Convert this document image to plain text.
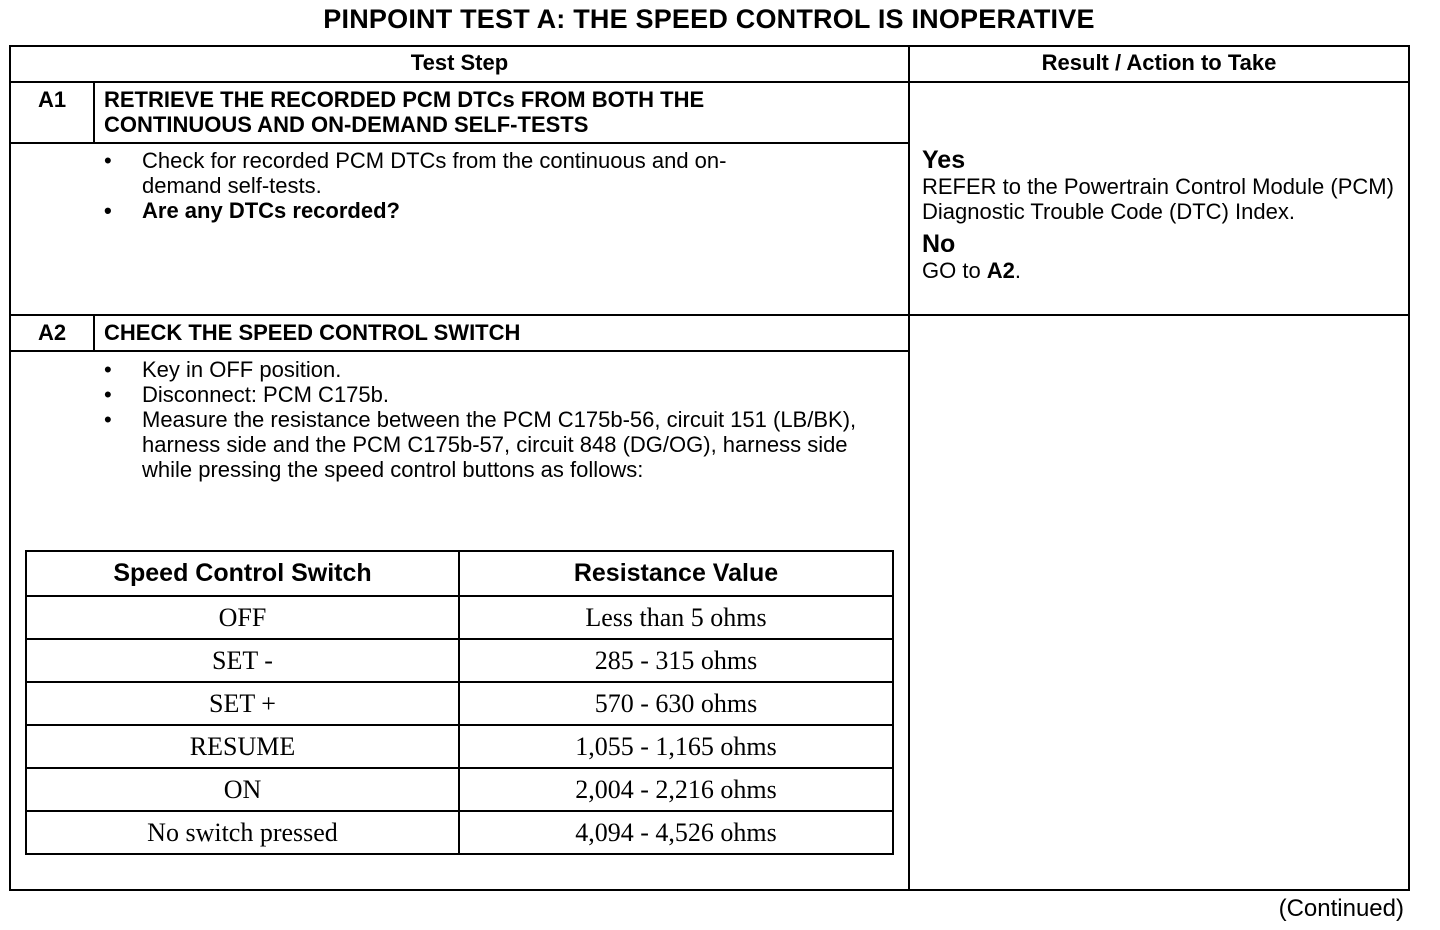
PINPOINT TEST A: THE SPEED CONTROL IS INOPERATIVE
Test Step	Result / Action to Take
A1	RETRIEVE THE RECORDED PCM DTCs FROM BOTH THE
CONTINUOUS AND ON-DEMAND SELF-TESTS
• Check for recorded PCM DTCs from the continuous and on-demand self-tests.
• Are any DTCs recorded?
Yes
REFER to the Powertrain Control Module (PCM) Diagnostic Trouble Code (DTC) Index.
No
GO to A2.
A2	CHECK THE SPEED CONTROL SWITCH
• Key in OFF position.
• Disconnect: PCM C175b.
• Measure the resistance between the PCM C175b-56, circuit 151 (LB/BK), harness side and the PCM C175b-57, circuit 848 (DG/OG), harness side while pressing the speed control buttons as follows:
Speed Control Switch	Resistance Value
OFF	Less than 5 ohms
SET -	285 - 315 ohms
SET +	570 - 630 ohms
RESUME	1,055 - 1,165 ohms
ON	2,004 - 2,216 ohms
No switch pressed	4,094 - 4,526 ohms
(Continued)
